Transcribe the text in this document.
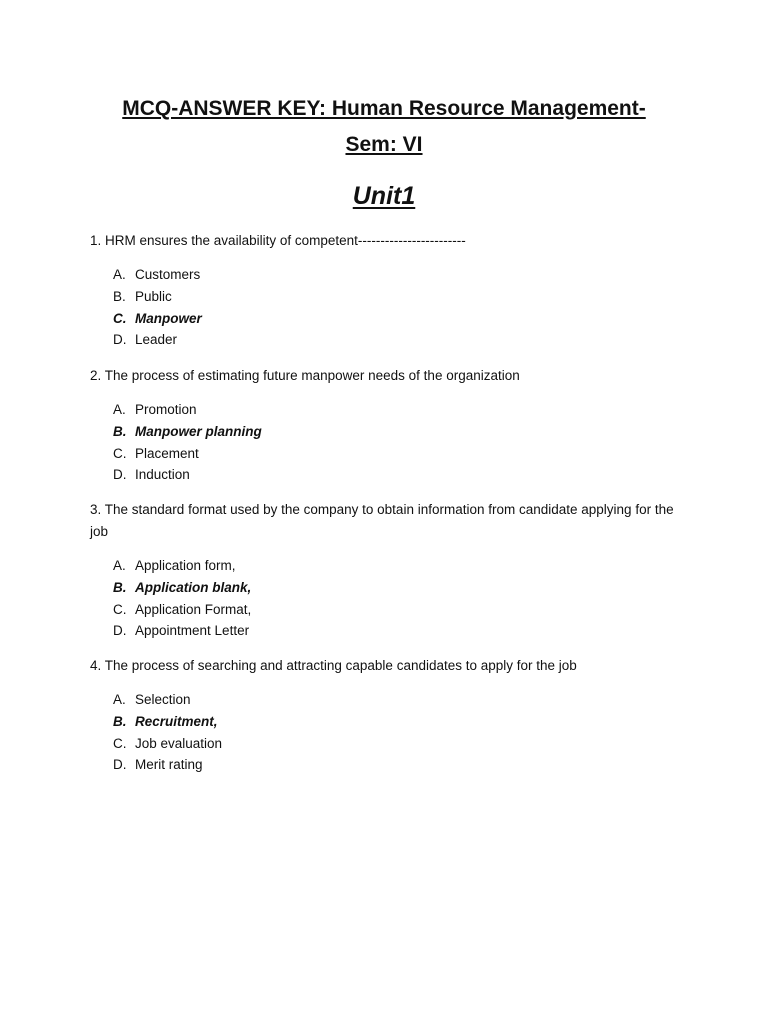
MCQ-ANSWER KEY: Human Resource Management-
Sem: VI
Unit1

1. HRM ensures the availability of competent------------------------

A. Customers
B. Public
C. Manpower
D. Leader

2. The process of estimating future manpower needs of the organization

A. Promotion
B. Manpower planning
C. Placement
D. Induction

3. The standard format used by the company to obtain information from candidate applying for the job

A. Application form,
B. Application blank,
C. Application Format,
D. Appointment Letter

4. The process of searching and attracting capable candidates to apply for the job

A. Selection
B. Recruitment,
C. Job evaluation
D. Merit rating
